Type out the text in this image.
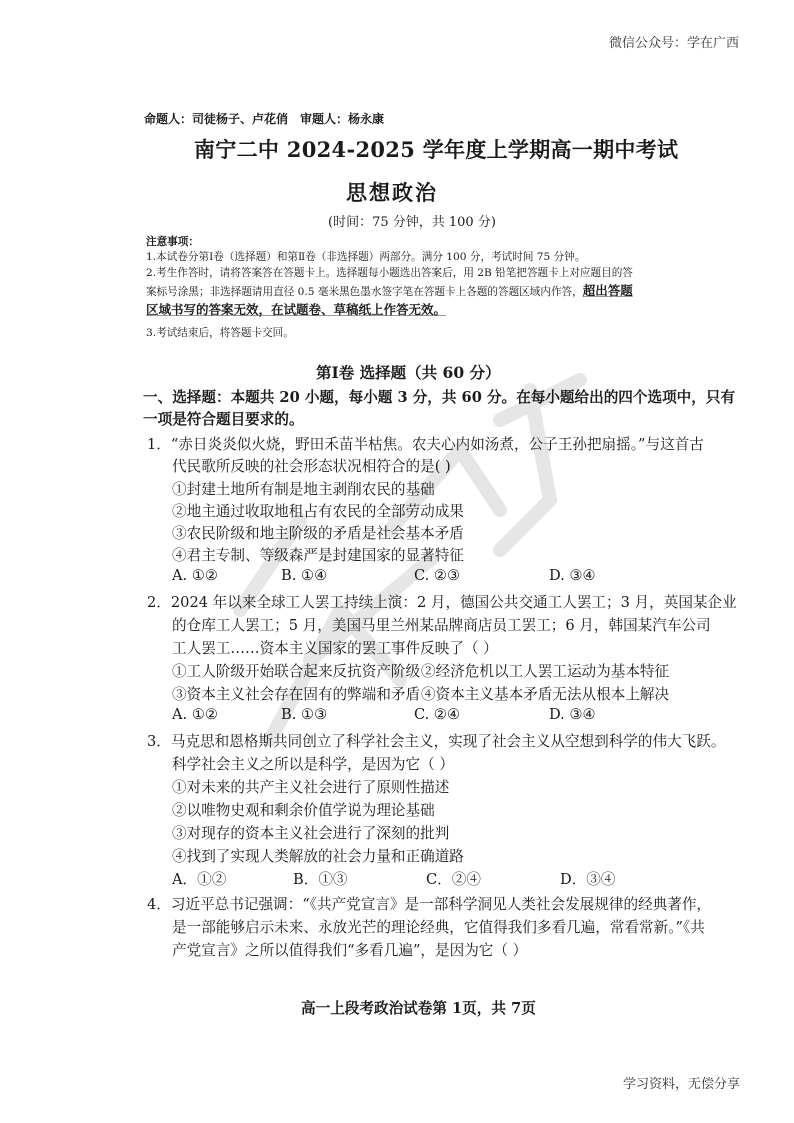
微信公众号：学在广西
学习资料，无偿分享
命题人：司徒杨子、卢花俏　审题人：杨永康
南宁二中 2024-2025 学年度上学期高一期中考试
思想政治
(时间：75 分钟，共 100 分)
注意事项：
1.本试卷分第Ⅰ卷（选择题）和第Ⅱ卷（非选择题）两部分。满分 100 分，考试时间 75 分钟。
2.考生作答时，请将答案答在答题卡上。选择题每小题选出答案后，用 2B 铅笔把答题卡上对应题目的答
案标号涂黑；非选择题请用直径 0.5 毫米黑色墨水签字笔在答题卡上各题的答题区域内作答，超出答题
区域书写的答案无效，在试题卷、草稿纸上作答无效。
3.考试结束后，将答题卡交回。
第Ⅰ卷 选择题（共 60 分）
一、选择题：本题共 20 小题，每小题 3 分，共 60 分。在每小题给出的四个选项中，只有
一项是符合题目要求的。
1．“赤日炎炎似火烧，野田禾苗半枯焦。农夫心内如汤煮，公子王孙把扇摇。”与这首古
代民歌所反映的社会形态状况相符合的是( )
①封建土地所有制是地主剥削农民的基础
②地主通过收取地租占有农民的全部劳动成果
③农民阶级和地主阶级的矛盾是社会基本矛盾
④君主专制、等级森严是封建国家的显著特征
A. ①②	B. ①④	C. ②③	D. ③④
2．2024 年以来全球工人罢工持续上演：2 月，德国公共交通工人罢工；3 月，英国某企业
的仓库工人罢工；5 月，美国马里兰州某品牌商店员工罢工；6 月，韩国某汽车公司
工人罢工……资本主义国家的罢工事件反映了（ ）
①工人阶级开始联合起来反抗资产阶级 ②经济危机以工人罢工运动为基本特征
③资本主义社会存在固有的弊端和矛盾 ④资本主义基本矛盾无法从根本上解决
A. ①②	B. ①③	C. ②④	D. ③④
3．马克思和恩格斯共同创立了科学社会主义，实现了社会主义从空想到科学的伟大飞跃。
科学社会主义之所以是科学，是因为它（ ）
①对未来的共产主义社会进行了原则性描述
②以唯物史观和剩余价值学说为理论基础
③对现存的资本主义社会进行了深刻的批判
④找到了实现人类解放的社会力量和正确道路
A．①②	B．①③	C．②④	D．③④
4．习近平总书记强调：“《共产党宣言》是一部科学洞见人类社会发展规律的经典著作，
是一部能够启示未来、永放光芒的理论经典，它值得我们多看几遍，常看常新。”《共
产党宣言》之所以值得我们“多看几遍”，是因为它（ ）
高一上段考政治试卷第 1页，共 7页
